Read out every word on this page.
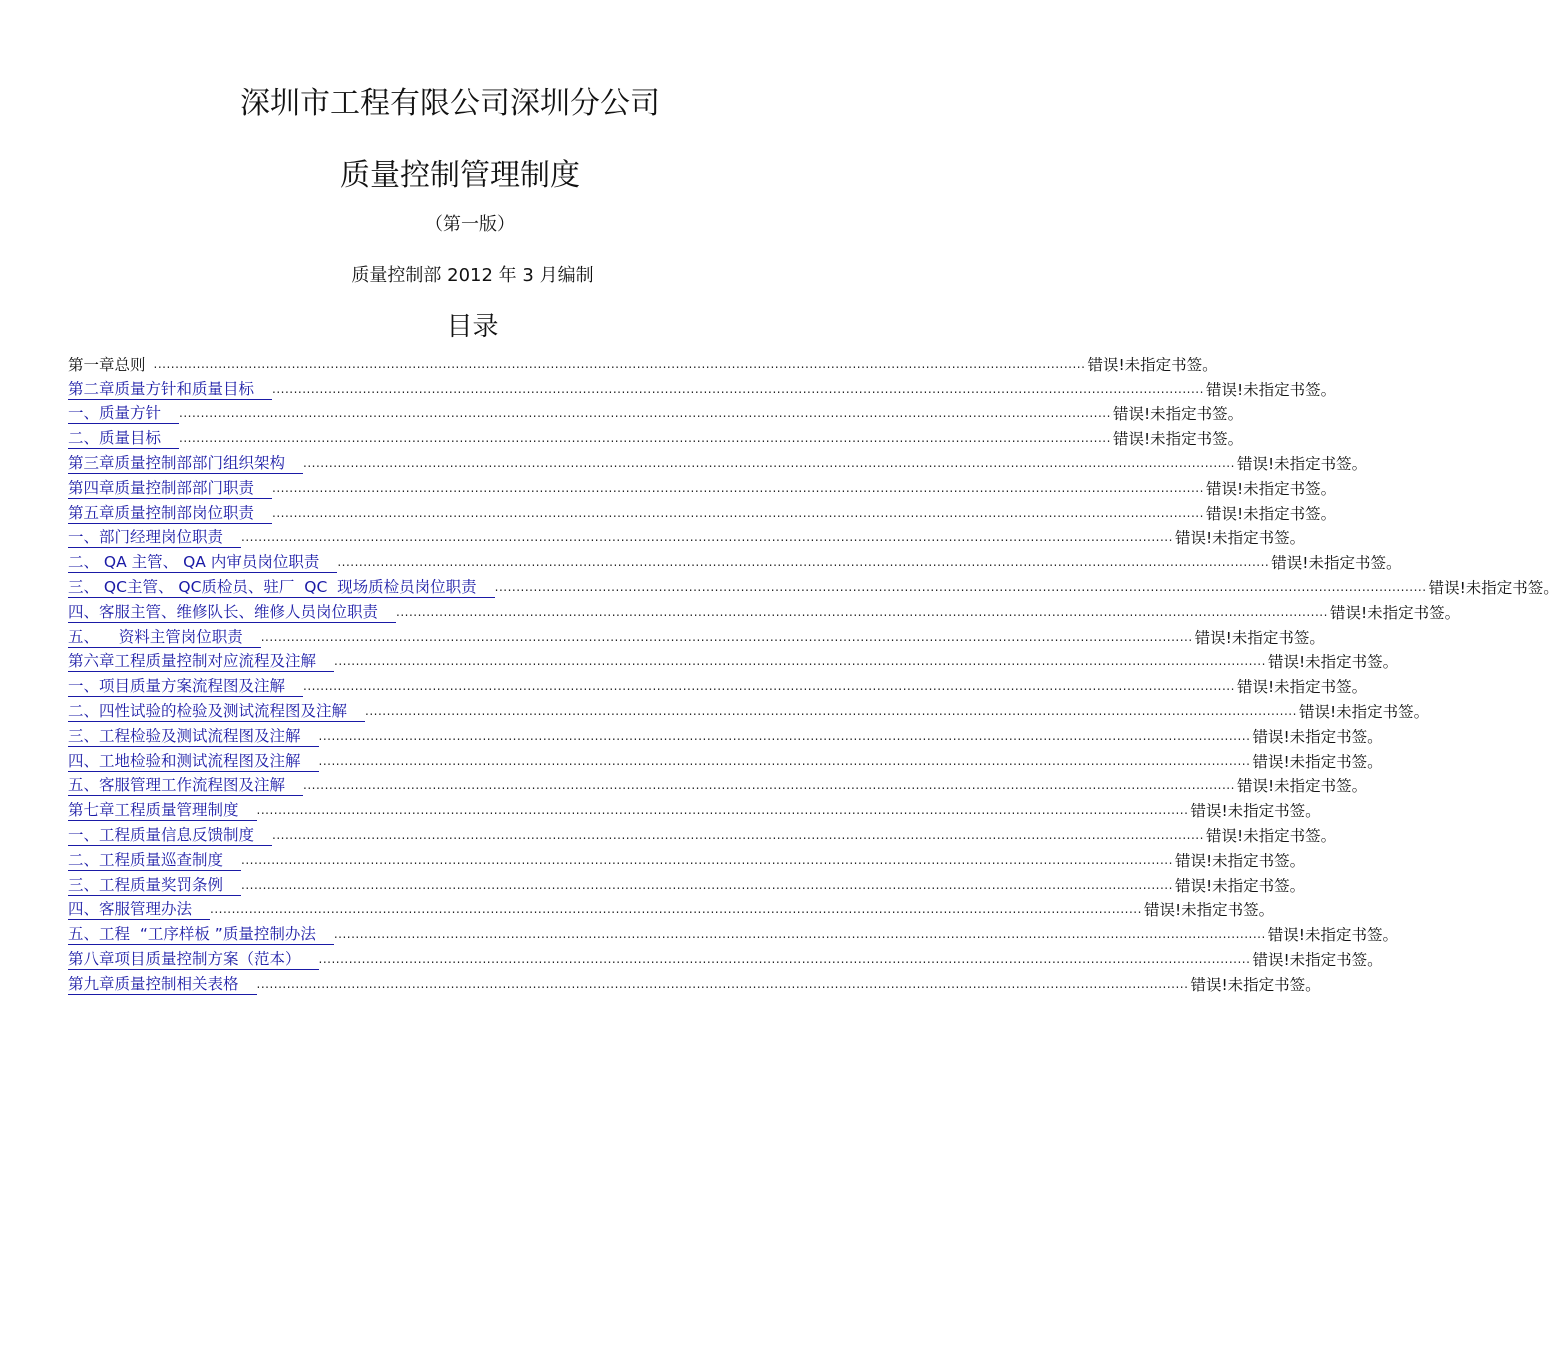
深圳市工程有限公司深圳分公司
质量控制管理制度
（第一版）
质量控制部 2012 年 3 月编制
目录
第一章总则 ........................................................................................................................................................................................................................ 错误!未指定书签。
第二章质量方针和质量目标	........................................................................................................................................................................................................................ 错误!未指定书签。
一、质量方针	........................................................................................................................................................................................................................ 错误!未指定书签。
二、质量目标	........................................................................................................................................................................................................................ 错误!未指定书签。
第三章质量控制部部门组织架构	........................................................................................................................................................................................................................ 错误!未指定书签。
第四章质量控制部部门职责	........................................................................................................................................................................................................................ 错误!未指定书签。
第五章质量控制部岗位职责	........................................................................................................................................................................................................................ 错误!未指定书签。
一、部门经理岗位职责	........................................................................................................................................................................................................................ 错误!未指定书签。
二、 QA 主管、 QA 内审员岗位职责	........................................................................................................................................................................................................................ 错误!未指定书签。
三、 QC主管、 QC质检员、驻厂  QC  现场质检员岗位职责	........................................................................................................................................................................................................................ 错误!未指定书签。
四、客服主管、维修队长、维修人员岗位职责	........................................................................................................................................................................................................................ 错误!未指定书签。
五、    资料主管岗位职责	........................................................................................................................................................................................................................ 错误!未指定书签。
第六章工程质量控制对应流程及注解	........................................................................................................................................................................................................................ 错误!未指定书签。
一、项目质量方案流程图及注解	........................................................................................................................................................................................................................ 错误!未指定书签。
二、四性试验的检验及测试流程图及注解	........................................................................................................................................................................................................................ 错误!未指定书签。
三、工程检验及测试流程图及注解	........................................................................................................................................................................................................................ 错误!未指定书签。
四、工地检验和测试流程图及注解	........................................................................................................................................................................................................................ 错误!未指定书签。
五、客服管理工作流程图及注解	........................................................................................................................................................................................................................ 错误!未指定书签。
第七章工程质量管理制度	........................................................................................................................................................................................................................ 错误!未指定书签。
一、工程质量信息反馈制度	........................................................................................................................................................................................................................ 错误!未指定书签。
二、工程质量巡查制度	........................................................................................................................................................................................................................ 错误!未指定书签。
三、工程质量奖罚条例	........................................................................................................................................................................................................................ 错误!未指定书签。
四、客服管理办法	........................................................................................................................................................................................................................ 错误!未指定书签。
五、工程  “工序样板 ”质量控制办法	........................................................................................................................................................................................................................ 错误!未指定书签。
第八章项目质量控制方案（范本）	........................................................................................................................................................................................................................ 错误!未指定书签。
第九章质量控制相关表格	........................................................................................................................................................................................................................ 错误!未指定书签。
